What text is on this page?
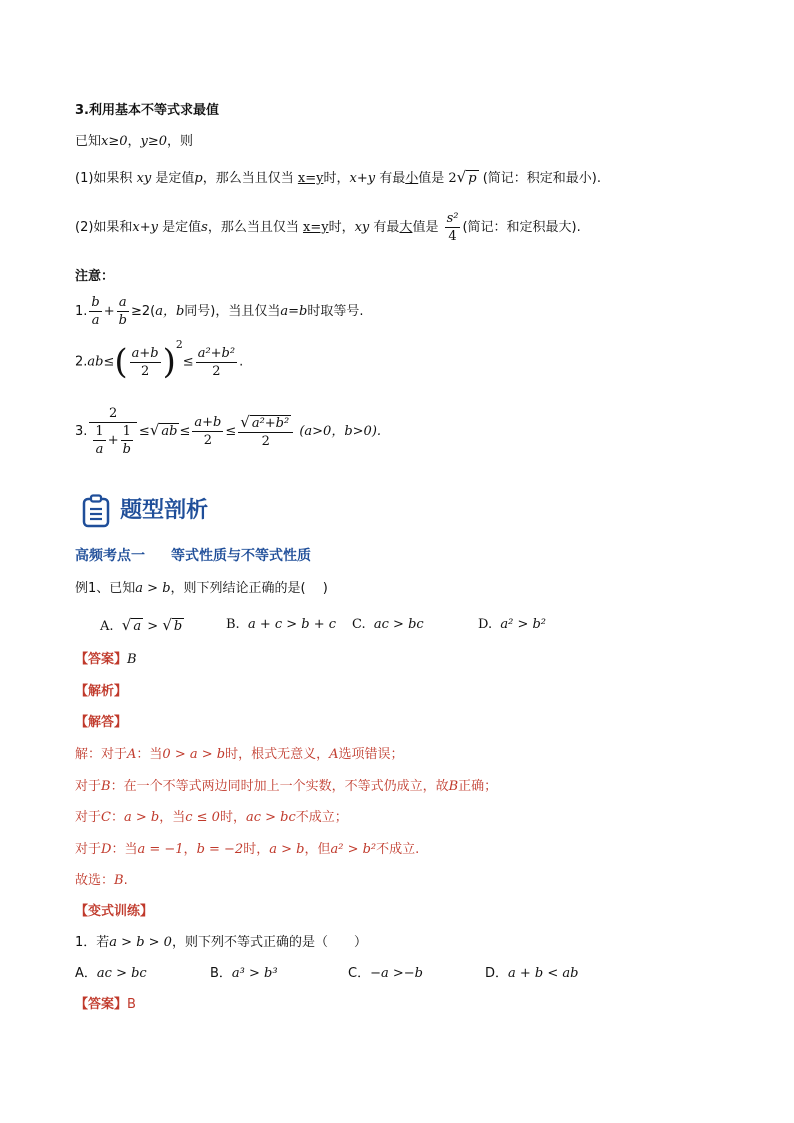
3.利用基本不等式求最值
已知x≥0，y≥0，则
(1)如果积 xy 是定值p，那么当且仅当 x=y时，x+y 有最小值是 2√ p (简记：积定和最小).
(2)如果和x+y 是定值s，那么当且仅当 x=y时，xy 有最大值是 $\frac{\text{s²}}{4}$ (简记：和定积最大).
注意：
1. $\frac{b}{a} + \frac{a}{b} \ge 2(a$，b同号)，当且仅当a=b时取等号.
$2.ab\le( \frac{a+b}{2} )^2\le \frac{\text{a²+b²}}{2}$ .
3. $\frac{2}{\frac{1}{a} + \frac{1}{b}}$ ≤√ ab ≤ $\frac{a+b}{2} \le \frac{\text{√ a²+b²}}{2} (a>0$，b>0).
题型剖析
高频考点一 等式性质与不等式性质
例1、已知a > b，则下列结论正确的是(　 )
A. √ a > √ b	B. a + c > b + c C. ac > bc	D. a² > b²
【答案】B
【解析】
【解答】
解：对于A：当0 > a > b时，根式无意义，A选项错误；
对于B：在一个不等式两边同时加上一个实数，不等式仍成立，故B正确；
对于C：a > b，当c ≤ 0时，ac > bc不成立；
对于D：当a = −1，b = −2时，a > b，但a² > b²不成立.
故选：B.
【变式训练】
1．若a > b > 0，则下列不等式正确的是（　　）
A．ac > bc	B．a³ > b³	C．−a >−b	D．a + b < ab
【答案】B
